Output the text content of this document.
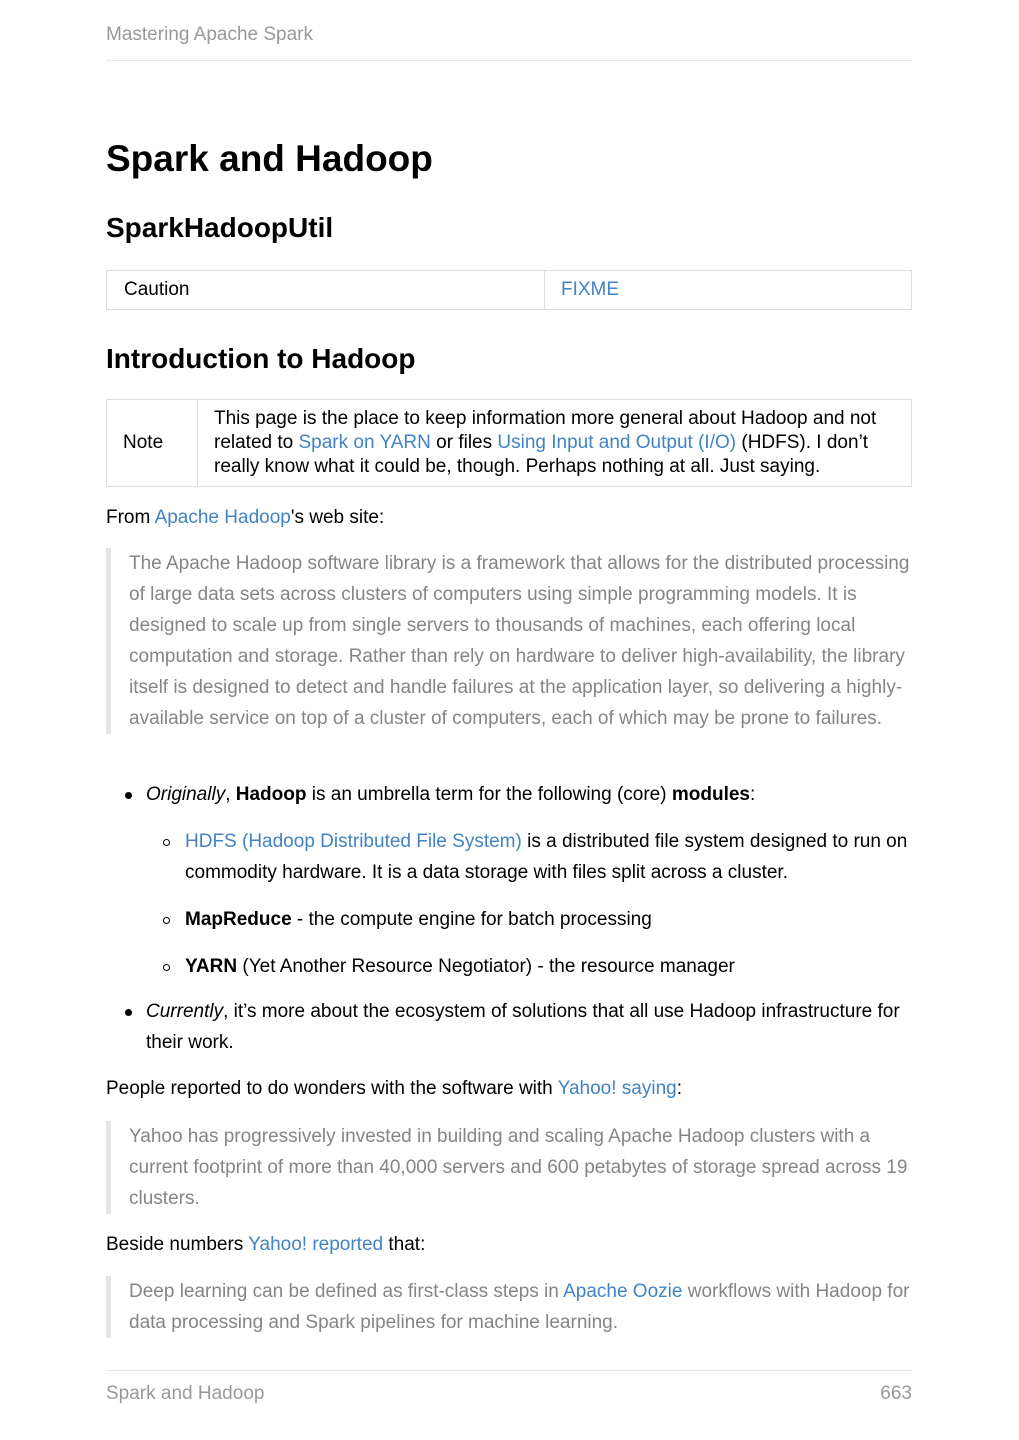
Mastering Apache Spark
Spark and Hadoop
SparkHadoopUtil
Caution	FIXME
Introduction to Hadoop
Note	This page is the place to keep information more general about Hadoop and not related to Spark on YARN or files Using Input and Output (I/O) (HDFS). I don’t really know what it could be, though. Perhaps nothing at all. Just saying.

From Apache Hadoop's web site:

The Apache Hadoop software library is a framework that allows for the distributed processing of large data sets across clusters of computers using simple programming models. It is designed to scale up from single servers to thousands of machines, each offering local computation and storage. Rather than rely on hardware to deliver high-availability, the library itself is designed to detect and handle failures at the application layer, so delivering a highly-available service on top of a cluster of computers, each of which may be prone to failures.
Originally, Hadoop is an umbrella term for the following (core) modules:
HDFS (Hadoop Distributed File System) is a distributed file system designed to run on commodity hardware. It is a data storage with files split across a cluster.
MapReduce - the compute engine for batch processing
YARN (Yet Another Resource Negotiator) - the resource manager
Currently, it’s more about the ecosystem of solutions that all use Hadoop infrastructure for their work.

People reported to do wonders with the software with Yahoo! saying:

Yahoo has progressively invested in building and scaling Apache Hadoop clusters with a current footprint of more than 40,000 servers and 600 petabytes of storage spread across 19 clusters.

Beside numbers Yahoo! reported that:

Deep learning can be defined as first-class steps in Apache Oozie workflows with Hadoop for data processing and Spark pipelines for machine learning.
Spark and Hadoop	663
